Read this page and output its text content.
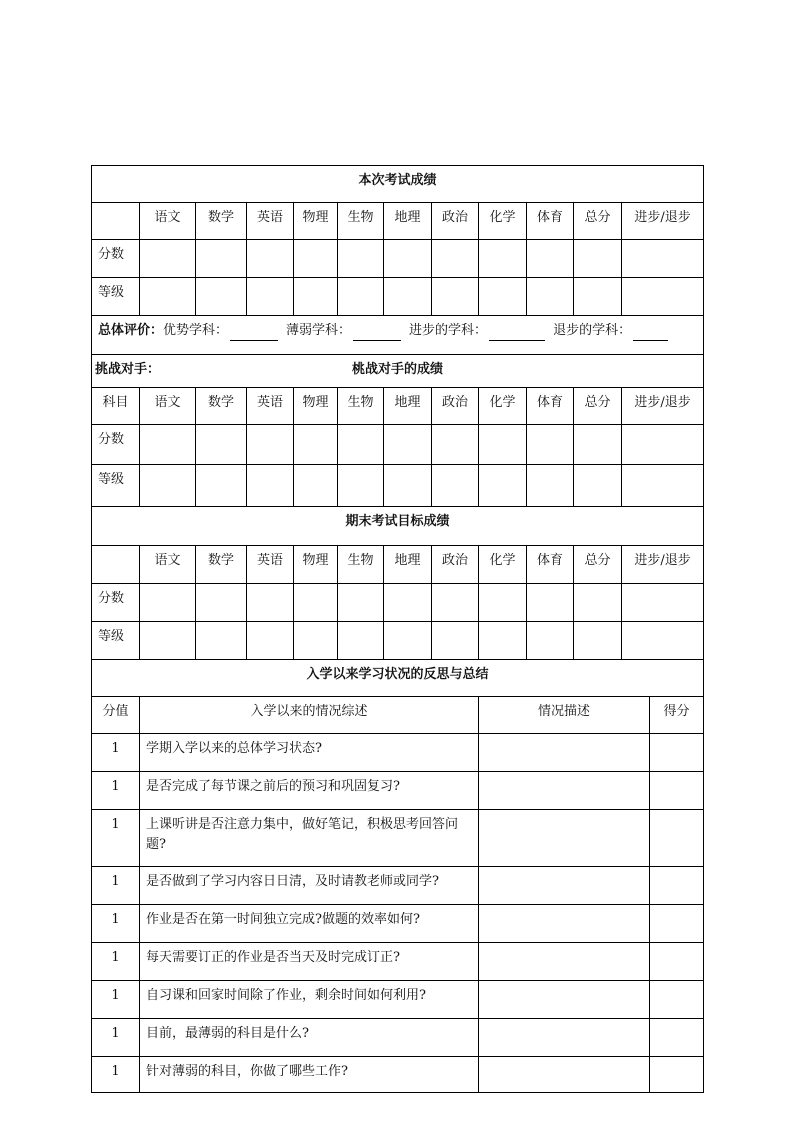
本次考试成绩											
	语文	数学	英语	物理	生物	地理	政治	化学	体育	总分	进步/退步
分数											
等级											
总体评价：优势学科：	薄弱学科：	进步的学科：	退步的学科：
挑战对手： 桃战对手的成绩											

科目	语文	数学	英语	物理	生物	地理	政治	化学	体育	总分	进步/退步
分数											
等级											
期末考试目标成绩											
	语文	数学	英语	物理	生物	地理	政治	化学	体育	总分	进步/退步
分数											
等级											
入学以来学习状况的反思与总结			
分值	入学以来的情况综述	情况描述	得分
1	学期入学以来的总体学习状态?		
1	是否完成了每节课之前后的预习和巩固复习?		
1	上课听讲是否注意力集中，做好笔记，积极思考回答问题?		
1	是否做到了学习内容日日清，及时请教老师或同学?		
1	作业是否在第一时间独立完成?做题的效率如何?		
1	每天需要订正的作业是否当天及时完成订正?		
1	自习课和回家时间除了作业，剩余时间如何利用?		
1	目前，最薄弱的科目是什么?		
1	针对薄弱的科目，你做了哪些工作?		
